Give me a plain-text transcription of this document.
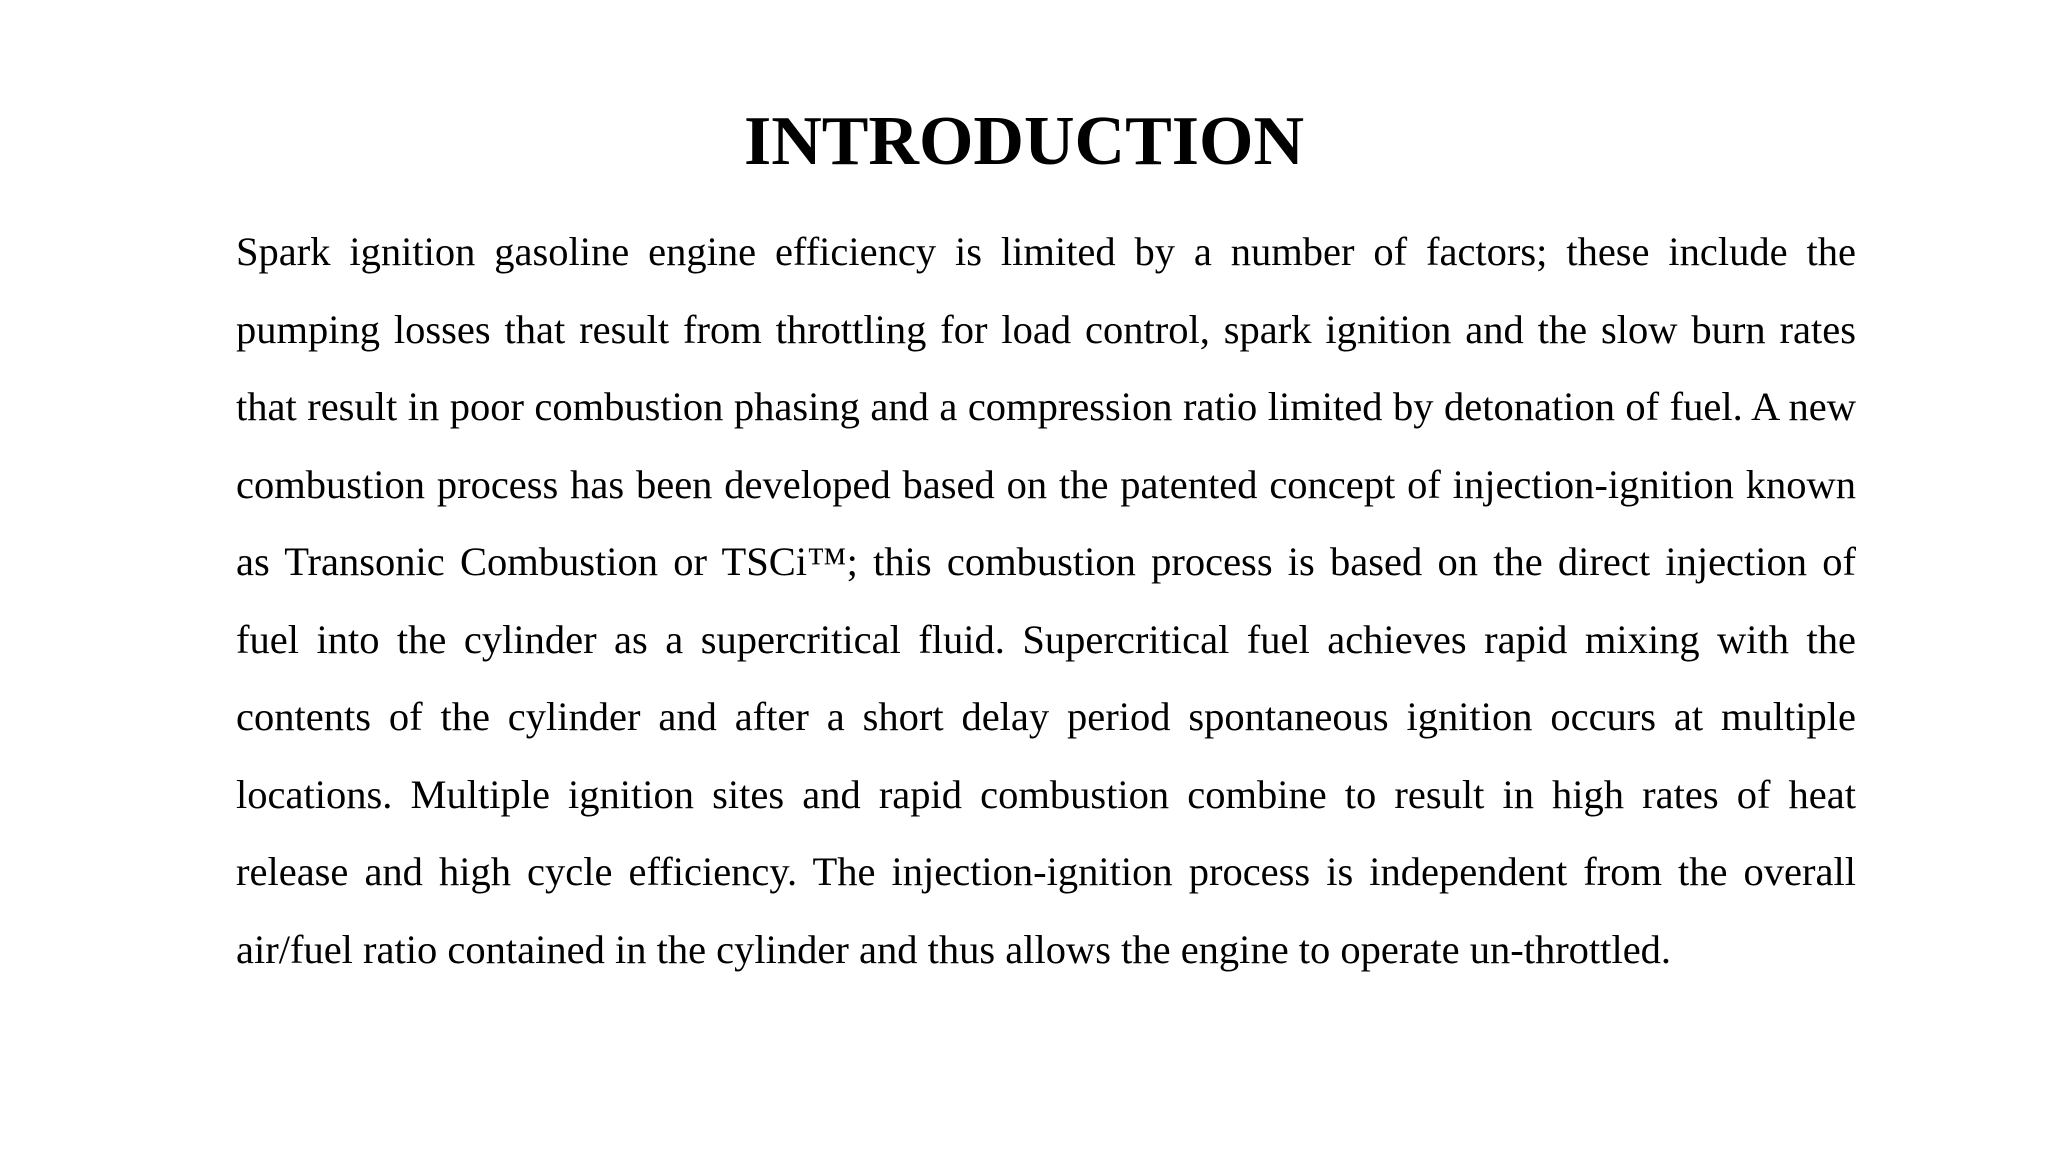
INTRODUCTION

Spark ignition gasoline engine efficiency is limited by a number of factors; these include the pumping losses that result from throttling for load control, spark ignition and the slow burn rates that result in poor combustion phasing and a compression ratio limited by detonation of fuel. A new combustion process has been developed based on the patented concept of injection-ignition known as Transonic Combustion or TSCi™; this combustion process is based on the direct injection of fuel into the cylinder as a supercritical fluid. Supercritical fuel achieves rapid mixing with the contents of the cylinder and after a short delay period spontaneous ignition occurs at multiple locations. Multiple ignition sites and rapid combustion combine to result in high rates of heat release and high cycle efficiency. The injection-ignition process is independent from the overall air/fuel ratio contained in the cylinder and thus allows the engine to operate un-throttled.
